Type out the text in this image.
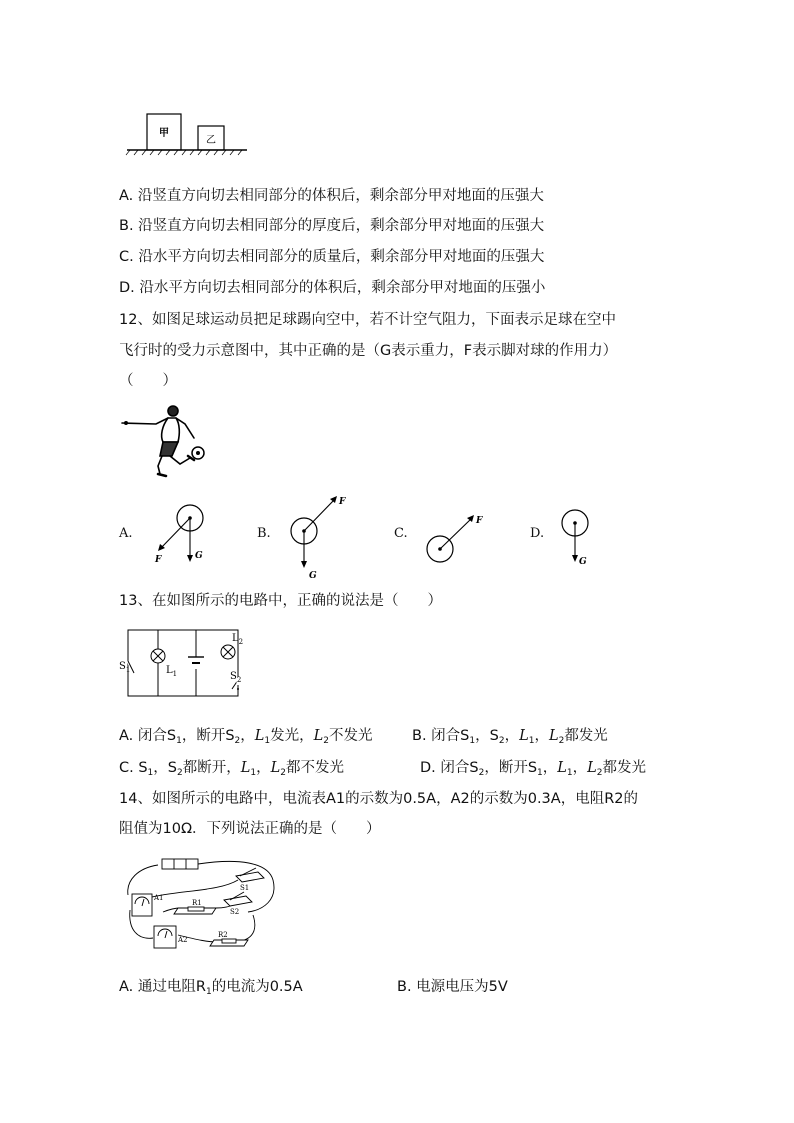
甲
乙
A. 沿竖直方向切去相同部分的体积后，剩余部分甲对地面的压强大
B. 沿竖直方向切去相同部分的厚度后，剩余部分甲对地面的压强大
C. 沿水平方向切去相同部分的质量后，剩余部分甲对地面的压强大
D. 沿水平方向切去相同部分的体积后，剩余部分甲对地面的压强小
12、如图足球运动员把足球踢向空中，若不计空气阻力，下面表示足球在空中
飞行时的受力示意图中，其中正确的是（G表示重力，F表示脚对球的作用力）
（　　）
A.
F	G
B.
F
G
C.
F
D.
G
13、在如图所示的电路中，正确的说法是（　　）
$S_1$	$L_1$
$L_2$
$S_2$
A. 闭合$S_1$，断开$S_2$，$L_1$发光，$L_2$不发光	B. 闭合$S_1$，$S_2$，$L_1$，$L_2$都发光
C. $S_1$，$S_2$都断开，$L_1$，$L_2$都不发光	D. 闭合$S_2$，断开$S_1$，$L_1$，$L_2$都发光
14、如图所示的电路中，电流表A1的示数为0.5A，A2的示数为0.3A，电阻R2的
阻值为10Ω．下列说法正确的是（　　）
A1
R1
S1
S2
A2
R2
A. 通过电阻$R_1$的电流为0.5A	B. 电源电压为5V
